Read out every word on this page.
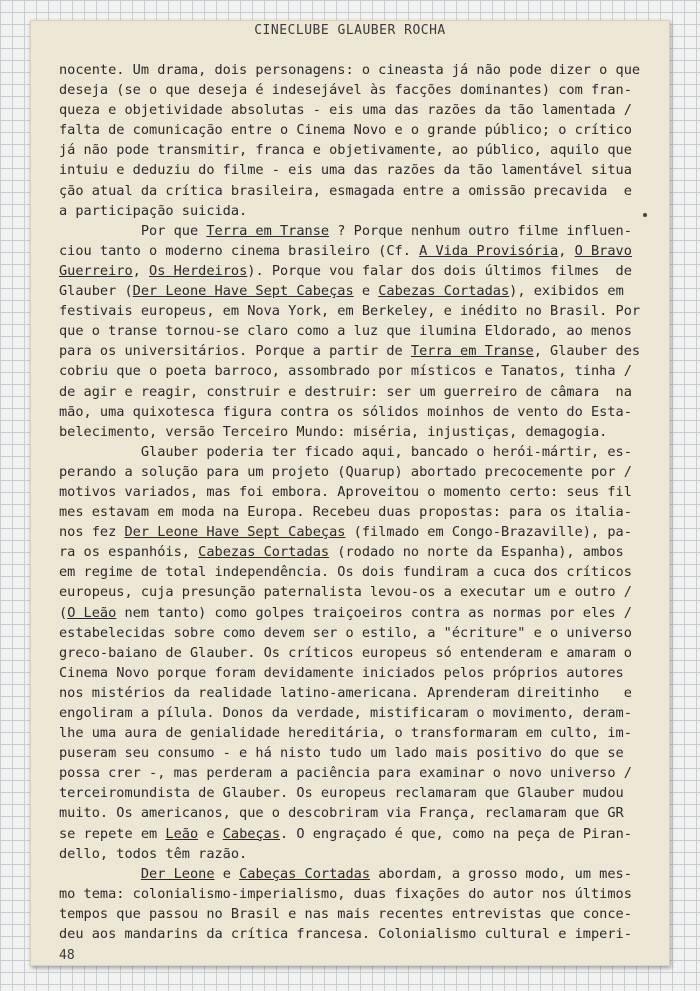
CINECLUBE GLAUBER ROCHA
nocente. Um drama, dois personagens: o cineasta já não pode dizer o que
deseja (se o que deseja é indesejável às facções dominantes) com fran-
queza e objetividade absolutas - eis uma das razões da tão lamentada /
falta de comunicação entre o Cinema Novo e o grande público; o crítico
já não pode transmitir, franca e objetivamente, ao público, aquilo que
intuiu e deduziu do filme - eis uma das razões da tão lamentável situa
ção atual da crítica brasileira, esmagada entre a omissão precavida  e
a participação suicida.
Por que Terra em Transe ? Porque nenhum outro filme influen-
ciou tanto o moderno cinema brasileiro (Cf. A Vida Provisória, O Bravo
Guerreiro, Os Herdeiros). Porque vou falar dos dois últimos filmes  de
Glauber (Der Leone Have Sept Cabeças e Cabezas Cortadas), exibidos em
festivais europeus, em Nova York, em Berkeley, e inédito no Brasil. Por
que o transe tornou-se claro como a luz que ilumina Eldorado, ao menos
para os universitários. Porque a partir de Terra em Transe, Glauber des
cobriu que o poeta barroco, assombrado por místicos e Tanatos, tinha /
de agir e reagir, construir e destruir: ser um guerreiro de câmara  na
mão, uma quixotesca figura contra os sólidos moinhos de vento do Esta-
belecimento, versão Terceiro Mundo: miséria, injustiças, demagogia.
Glauber poderia ter ficado aqui, bancado o herói-mártir, es-
perando a solução para um projeto (Quarup) abortado precocemente por /
motivos variados, mas foi embora. Aproveitou o momento certo: seus fil
mes estavam em moda na Europa. Recebeu duas propostas: para os italia-
nos fez Der Leone Have Sept Cabeças (filmado em Congo-Brazaville), pa-
ra os espanhóis, Cabezas Cortadas (rodado no norte da Espanha), ambos
em regime de total independência. Os dois fundiram a cuca dos críticos
europeus, cuja presunção paternalista levou-os a executar um e outro /
(O Leão nem tanto) como golpes traiçoeiros contra as normas por eles /
estabelecidas sobre como devem ser o estilo, a "écriture" e o universo
greco-baiano de Glauber. Os críticos europeus só entenderam e amaram o
Cinema Novo porque foram devidamente iniciados pelos próprios autores
nos mistérios da realidade latino-americana. Aprenderam direitinho   e
engoliram a pílula. Donos da verdade, mistificaram o movimento, deram-
lhe uma aura de genialidade hereditária, o transformaram em culto, im-
puseram seu consumo - e há nisto tudo um lado mais positivo do que se
possa crer -, mas perderam a paciência para examinar o novo universo /
terceiromundista de Glauber. Os europeus reclamaram que Glauber mudou
muito. Os americanos, que o descobriram via França, reclamaram que GR
se repete em Leão e Cabeças. O engraçado é que, como na peça de Piran-
dello, todos têm razão.
Der Leone e Cabeças Cortadas abordam, a grosso modo, um mes-
mo tema: colonialismo-imperialismo, duas fixações do autor nos últimos
tempos que passou no Brasil e nas mais recentes entrevistas que conce-
deu aos mandarins da crítica francesa. Colonialismo cultural e imperi-
48
